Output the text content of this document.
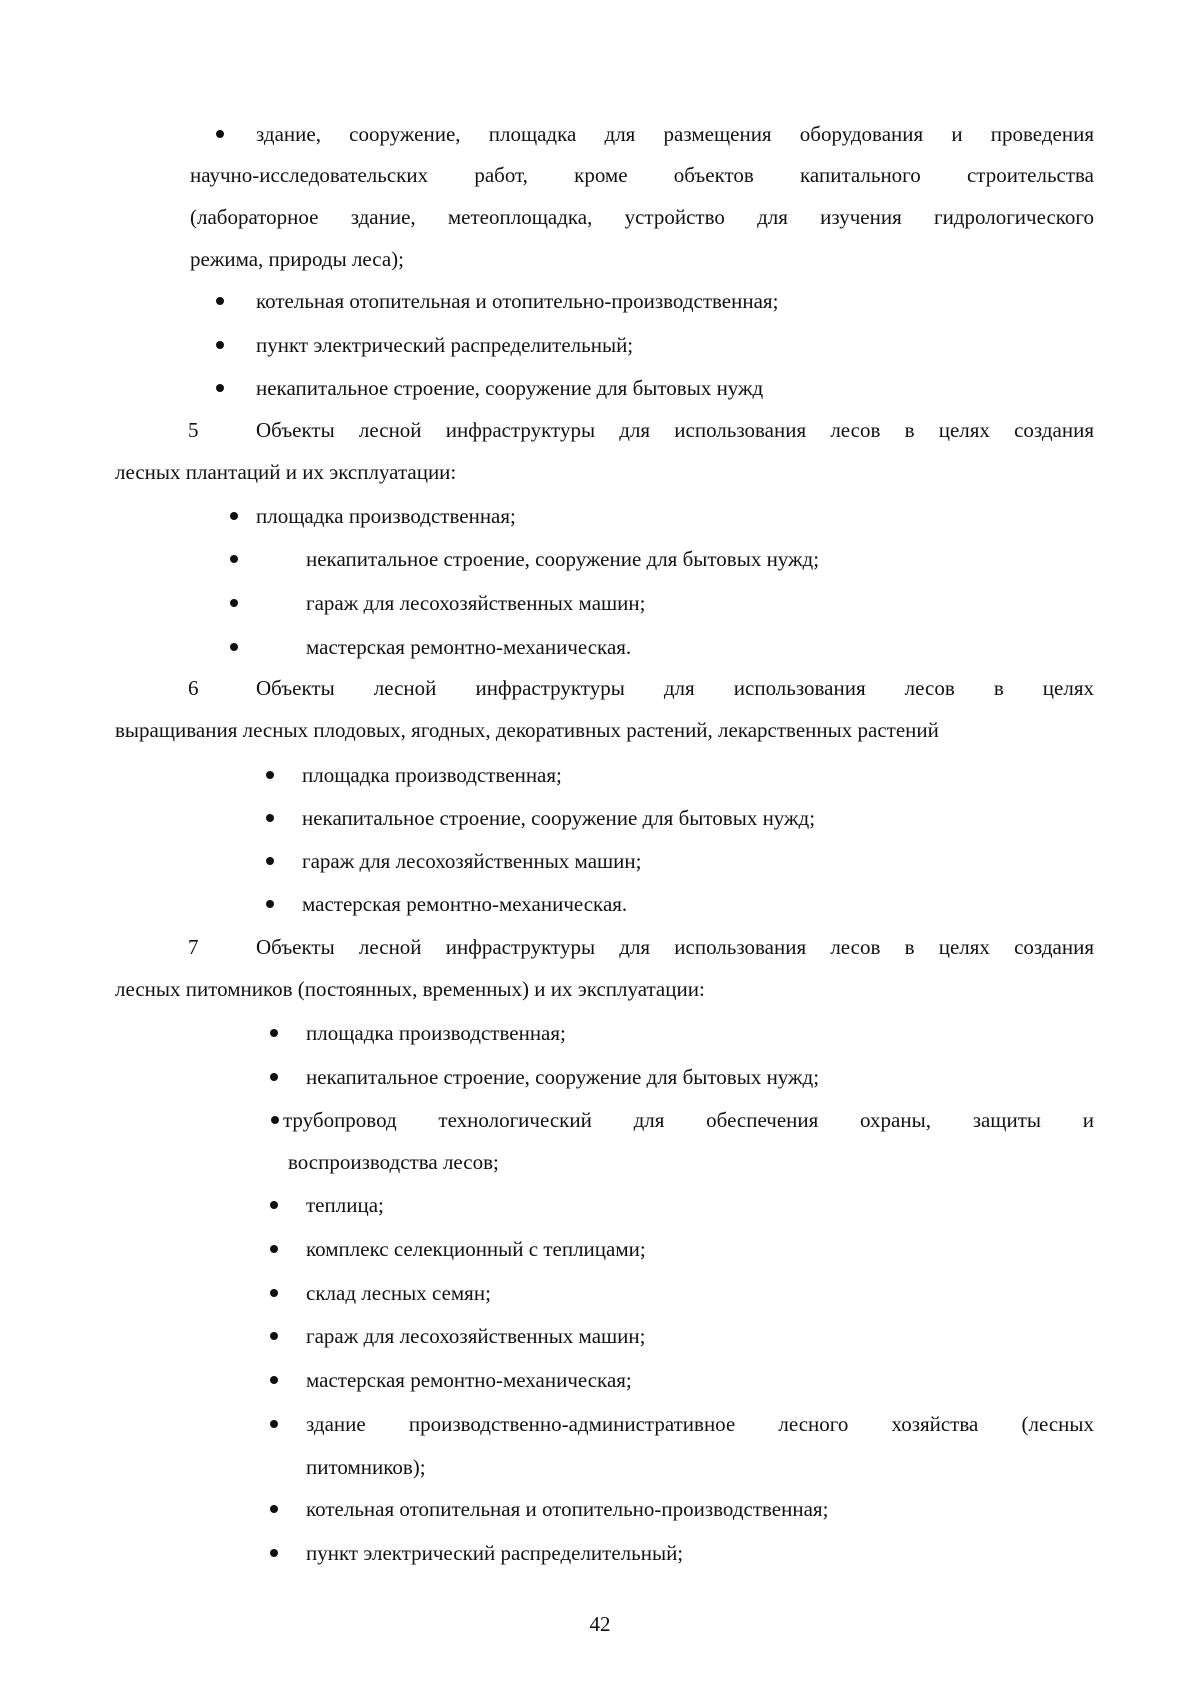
здание, сооружение, площадка для размещения оборудования и проведения
научно-исследовательских работ, кроме объектов капитального строительства
(лабораторное здание, метеоплощадка, устройство для изучения гидрологического
режима, природы леса);
котельная отопительная и отопительно-производственная;
пункт электрический распределительный;
некапитальное строение, сооружение для бытовых нужд
5	Объекты лесной инфраструктуры для использования лесов в целях создания
лесных плантаций и их эксплуатации:
площадка производственная;
некапитальное строение, сооружение для бытовых нужд;
гараж для лесохозяйственных машин;
мастерская ремонтно-механическая.
6	Объекты лесной инфраструктуры для использования лесов в целях
выращивания лесных плодовых, ягодных, декоративных растений, лекарственных растений
площадка производственная;
некапитальное строение, сооружение для бытовых нужд;
гараж для лесохозяйственных машин;
мастерская ремонтно-механическая.
7	Объекты лесной инфраструктуры для использования лесов в целях создания
лесных питомников (постоянных, временных) и их эксплуатации:
площадка производственная;
некапитальное строение, сооружение для бытовых нужд;
трубопровод технологический для обеспечения охраны, защиты и
воспроизводства лесов;
теплица;
комплекс селекционный с теплицами;
склад лесных семян;
гараж для лесохозяйственных машин;
мастерская ремонтно-механическая;
здание производственно-административное лесного хозяйства (лесных
питомников);
котельная отопительная и отопительно-производственная;
пункт электрический распределительный;
42
